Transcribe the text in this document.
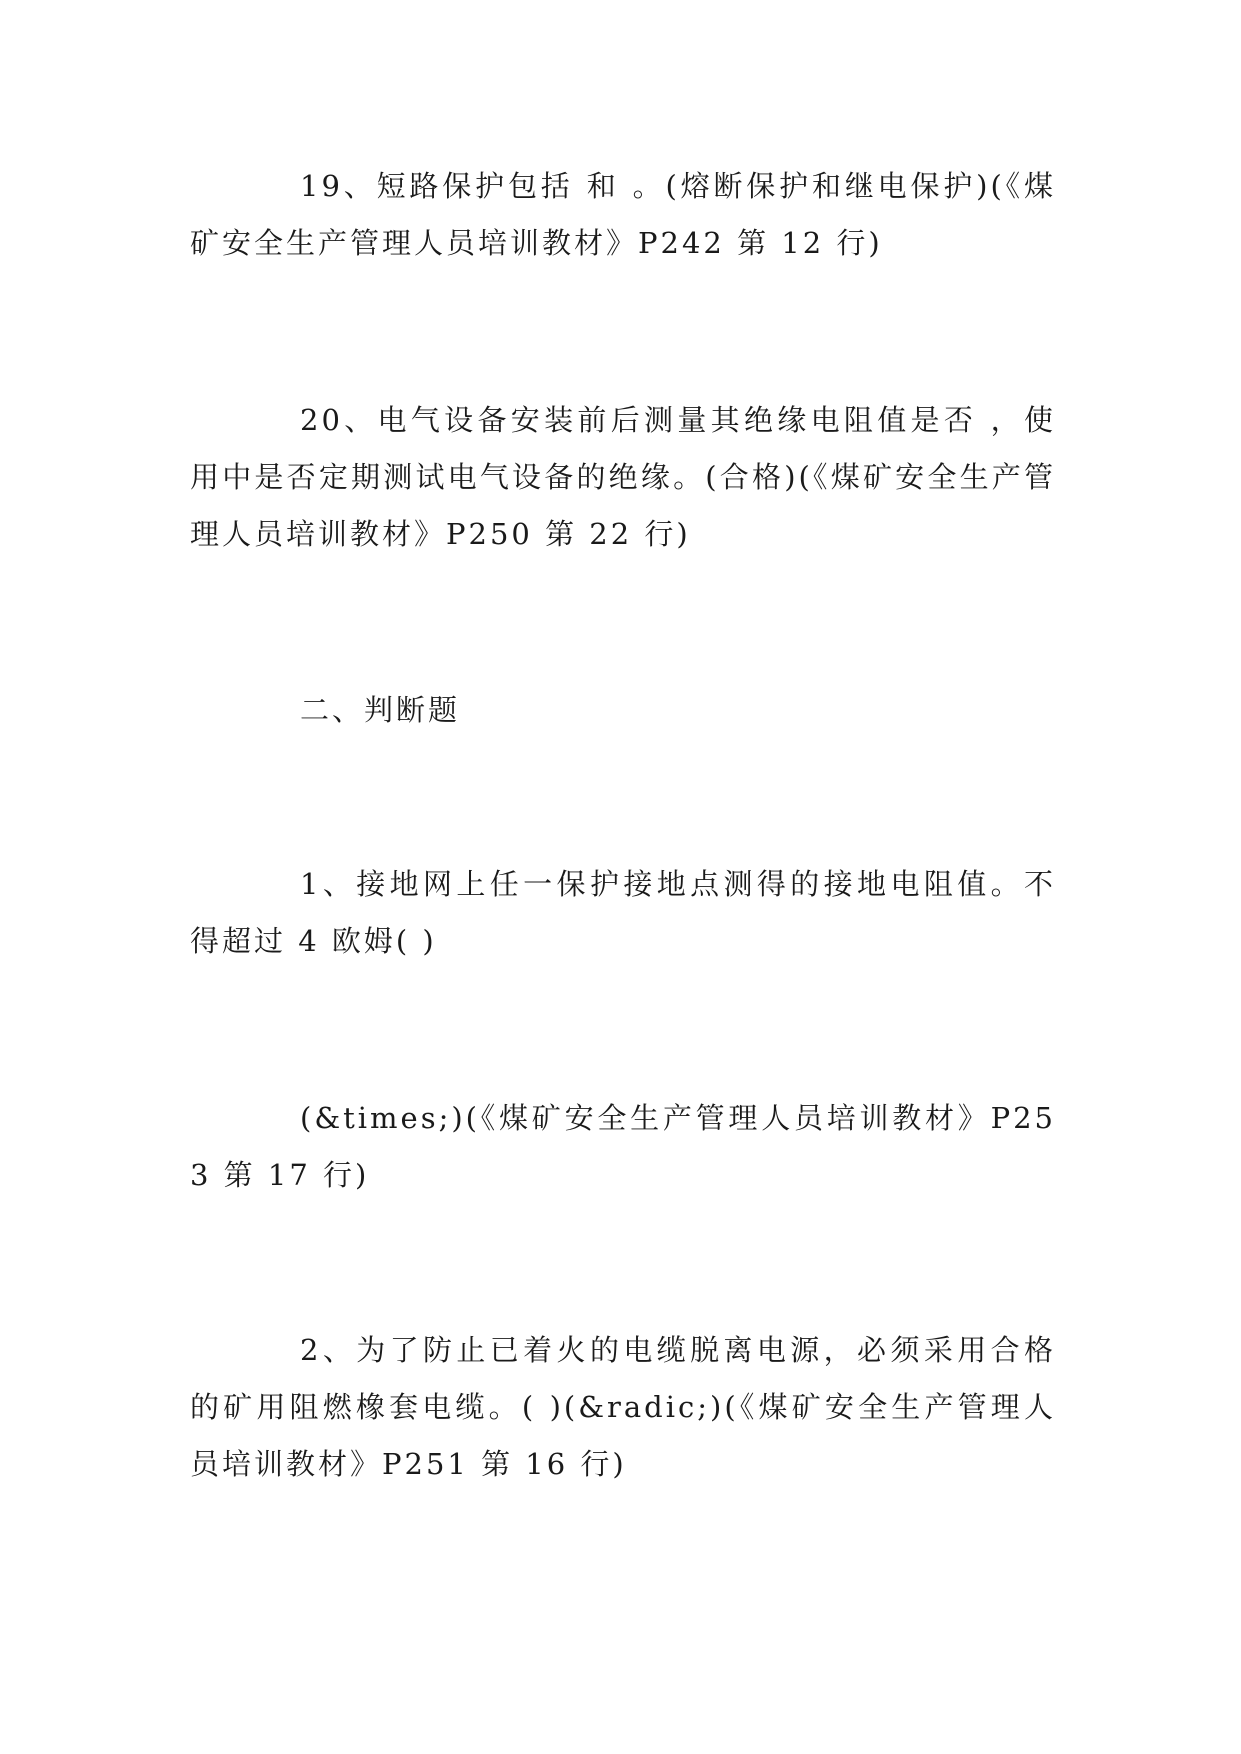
19、短路保护包括 和 。(熔断保护和继电保护)(《煤矿安全生产管理人员培训教材》P242 第 12 行)

20、电气设备安装前后测量其绝缘电阻值是否 ，使用中是否定期测试电气设备的绝缘。(合格)(《煤矿安全生产管理人员培训教材》P250 第 22 行)

二、判断题

1、接地网上任一保护接地点测得的接地电阻值。不得超过 4 欧姆( )

(&times;)(《煤矿安全生产管理人员培训教材》P253 第 17 行)

2、为了防止已着火的电缆脱离电源，必须采用合格的矿用阻燃橡套电缆。( )(&radic;)(《煤矿安全生产管理人员培训教材》P251 第 16 行)
